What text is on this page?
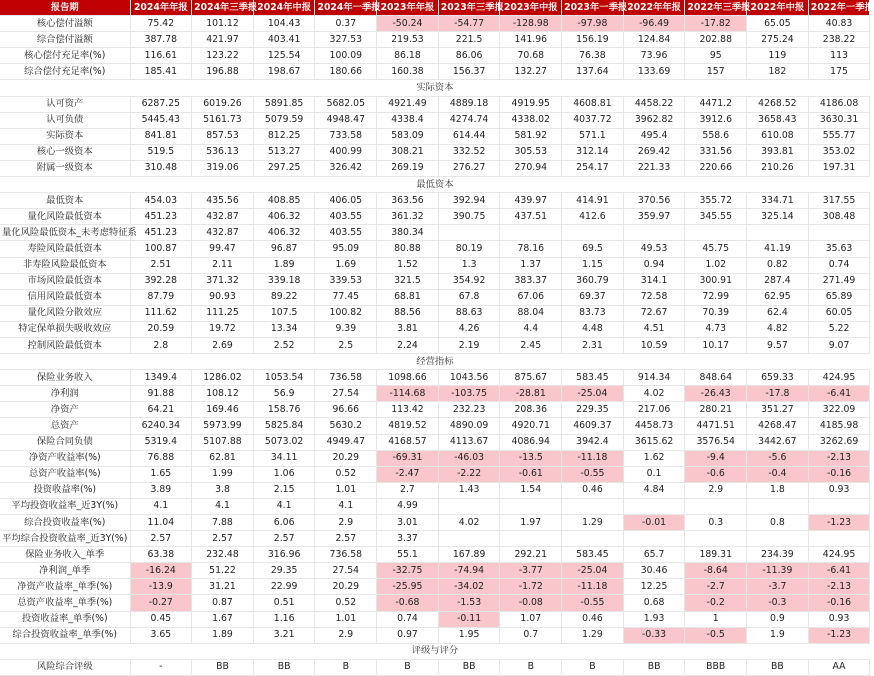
报告期	2024年年报	2024年三季报	2024年中报	2024年一季报	2023年年报	2023年三季报	2023年中报	2023年一季报	2022年年报	2022年三季报	2022年中报	2022年一季报
核心偿付溢额	75.42	101.12	104.43	0.37	-50.24	-54.77	-128.98	-97.98	-96.49	-17.82	65.05	40.83
综合偿付溢额	387.78	421.97	403.41	327.53	219.53	221.5	141.96	156.19	124.84	202.88	275.24	238.22
核心偿付充足率(%)	116.61	123.22	125.54	100.09	86.18	86.06	70.68	76.38	73.96	95	119	113
综合偿付充足率(%)	185.41	196.88	198.67	180.66	160.38	156.37	132.27	137.64	133.69	157	182	175
实际资本												
认可资产	6287.25	6019.26	5891.85	5682.05	4921.49	4889.18	4919.95	4608.81	4458.22	4471.2	4268.52	4186.08
认可负债	5445.43	5161.73	5079.59	4948.47	4338.4	4274.74	4338.02	4037.72	3962.82	3912.6	3658.43	3630.31
实际资本	841.81	857.53	812.25	733.58	583.09	614.44	581.92	571.1	495.4	558.6	610.08	555.77
核心一级资本	519.5	536.13	513.27	400.99	308.21	332.52	305.53	312.14	269.42	331.56	393.81	353.02
附属一级资本	310.48	319.06	297.25	326.42	269.19	276.27	270.94	254.17	221.33	220.66	210.26	197.31
最低资本												
最低资本	454.03	435.56	408.85	406.05	363.56	392.94	439.97	414.91	370.56	355.72	334.71	317.55
量化风险最低资本	451.23	432.87	406.32	403.55	361.32	390.75	437.51	412.6	359.97	345.55	325.14	308.48
量化风险最低资本_未考虑特征系	451.23	432.87	406.32	403.55	380.34							
寿险风险最低资本	100.87	99.47	96.87	95.09	80.88	80.19	78.16	69.5	49.53	45.75	41.19	35.63
非寿险风险最低资本	2.51	2.11	1.89	1.69	1.52	1.3	1.37	1.15	0.94	1.02	0.82	0.74
市场风险最低资本	392.28	371.32	339.18	339.53	321.5	354.92	383.37	360.79	314.1	300.91	287.4	271.49
信用风险最低资本	87.79	90.93	89.22	77.45	68.81	67.8	67.06	69.37	72.58	72.99	62.95	65.89
量化风险分散效应	111.62	111.25	107.5	100.82	88.56	88.63	88.04	83.73	72.67	70.39	62.4	60.05
特定保单损失吸收效应	20.59	19.72	13.34	9.39	3.81	4.26	4.4	4.48	4.51	4.73	4.82	5.22
控制风险最低资本	2.8	2.69	2.52	2.5	2.24	2.19	2.45	2.31	10.59	10.17	9.57	9.07
经营指标												
保险业务收入	1349.4	1286.02	1053.54	736.58	1098.66	1043.56	875.67	583.45	914.34	848.64	659.33	424.95
净利润	91.88	108.12	56.9	27.54	-114.68	-103.75	-28.81	-25.04	4.02	-26.43	-17.8	-6.41
净资产	64.21	169.46	158.76	96.66	113.42	232.23	208.36	229.35	217.06	280.21	351.27	322.09
总资产	6240.34	5973.99	5825.84	5630.2	4819.52	4890.09	4920.71	4609.37	4458.73	4471.51	4268.47	4185.98
保险合同负债	5319.4	5107.88	5073.02	4949.47	4168.57	4113.67	4086.94	3942.4	3615.62	3576.54	3442.67	3262.69
净资产收益率(%)	76.88	62.81	34.11	20.29	-69.31	-46.03	-13.5	-11.18	1.62	-9.4	-5.6	-2.13
总资产收益率(%)	1.65	1.99	1.06	0.52	-2.47	-2.22	-0.61	-0.55	0.1	-0.6	-0.4	-0.16
投资收益率(%)	3.89	3.8	2.15	1.01	2.7	1.43	1.54	0.46	4.84	2.9	1.8	0.93
平均投资收益率_近3Y(%)	4.1	4.1	4.1	4.1	4.99							
综合投资收益率(%)	11.04	7.88	6.06	2.9	3.01	4.02	1.97	1.29	-0.01	0.3	0.8	-1.23
平均综合投资收益率_近3Y(%)	2.57	2.57	2.57	2.57	3.37							
保险业务收入_单季	63.38	232.48	316.96	736.58	55.1	167.89	292.21	583.45	65.7	189.31	234.39	424.95
净利润_单季	-16.24	51.22	29.35	27.54	-32.75	-74.94	-3.77	-25.04	30.46	-8.64	-11.39	-6.41
净资产收益率_单季(%)	-13.9	31.21	22.99	20.29	-25.95	-34.02	-1.72	-11.18	12.25	-2.7	-3.7	-2.13
总资产收益率_单季(%)	-0.27	0.87	0.51	0.52	-0.68	-1.53	-0.08	-0.55	0.68	-0.2	-0.3	-0.16
投资收益率_单季(%)	0.45	1.67	1.16	1.01	0.74	-0.11	1.07	0.46	1.93	1	0.9	0.93
综合投资收益率_单季(%)	3.65	1.89	3.21	2.9	0.97	1.95	0.7	1.29	-0.33	-0.5	1.9	-1.23
评级与评分												
风险综合评级	-	BB	BB	B	B	BB	B	B	BB	BBB	BB	AA
